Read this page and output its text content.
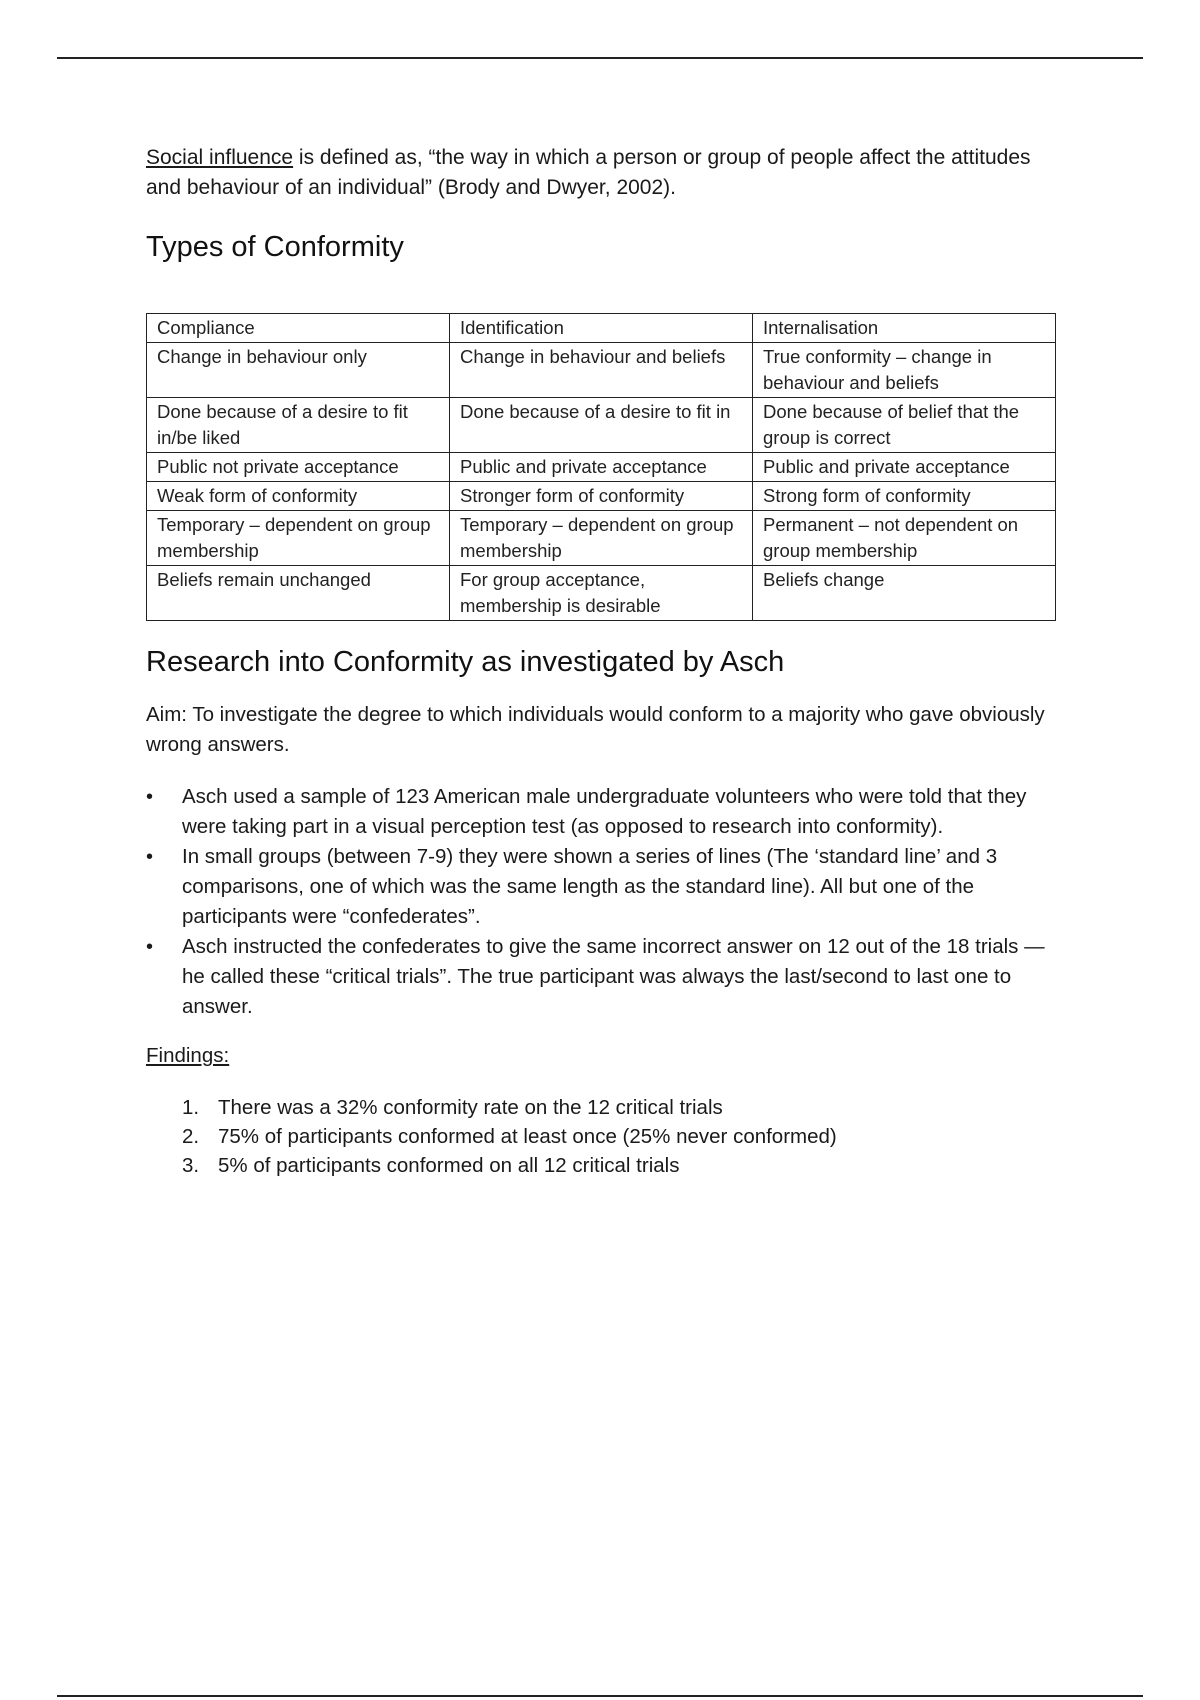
Social influence is defined as, “the way in which a person or group of people affect the attitudes and behaviour of an individual” (Brody and Dwyer, 2002).

Types of Conformity
Compliance	Identification	Internalisation
Change in behaviour only	Change in behaviour and beliefs	True conformity – change in behaviour and beliefs
Done because of a desire to fit in/be liked	Done because of a desire to fit in	Done because of belief that the group is correct
Public not private acceptance	Public and private acceptance	Public and private acceptance
Weak form of conformity	Stronger form of conformity	Strong form of conformity
Temporary – dependent on group membership	Temporary – dependent on group membership	Permanent – not dependent on group membership
Beliefs remain unchanged	For group acceptance, membership is desirable	Beliefs change
Research into Conformity as investigated by Asch

Aim: To investigate the degree to which individuals would conform to a majority who gave obviously wrong answers.

•	Asch used a sample of 123 American male undergraduate volunteers who were told that they were taking part in a visual perception test (as opposed to research into conformity).
•	In small groups (between 7-9) they were shown a series of lines (The ‘standard line’ and 3 comparisons, one of which was the same length as the standard line). All but one of the participants were “confederates”.
•	Asch instructed the confederates to give the same incorrect answer on 12 out of the 18 trials — he called these “critical trials”. The true participant was always the last/second to last one to answer.

Findings:

1. There was a 32% conformity rate on the 12 critical trials
2. 75% of participants conformed at least once (25% never conformed)
3. 5% of participants conformed on all 12 critical trials
